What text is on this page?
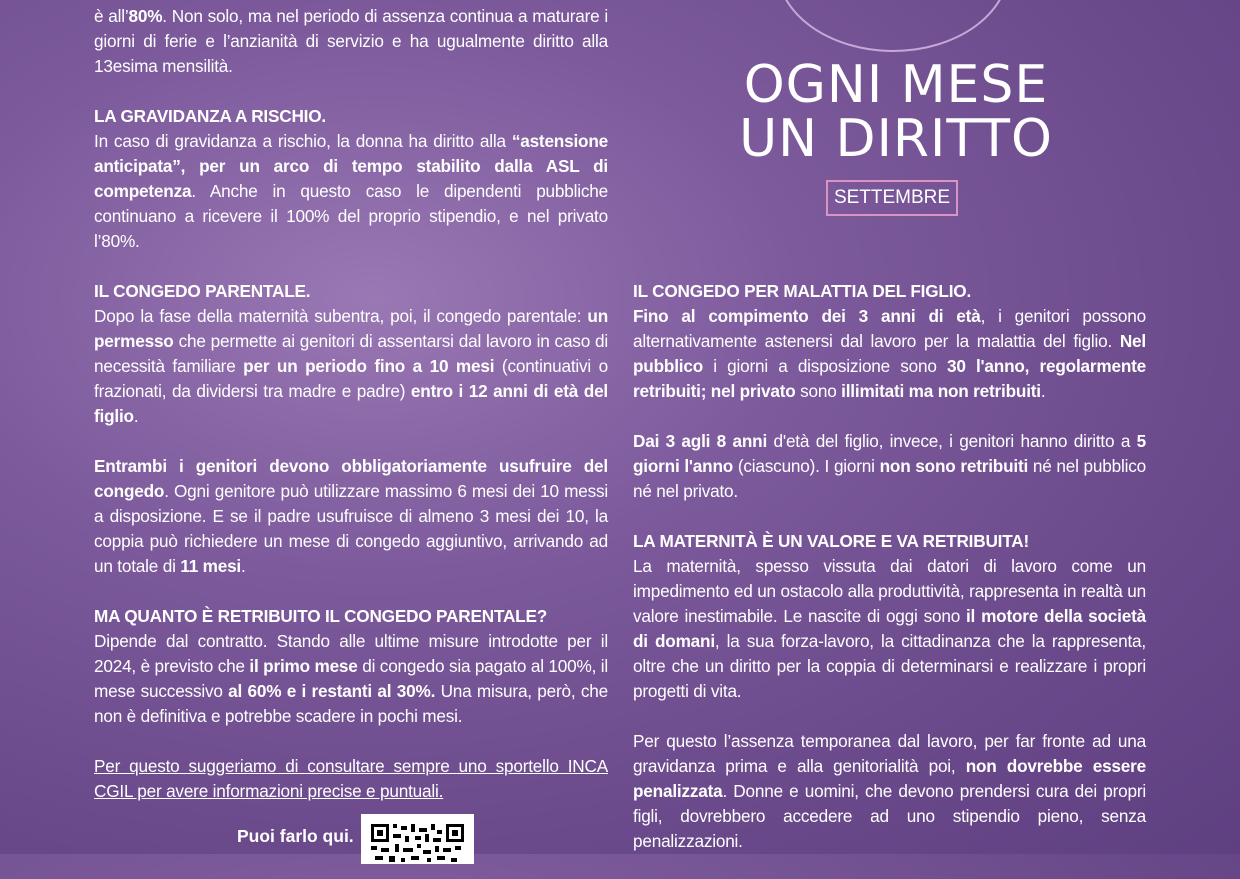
OGNI MESE
UN DIRITTO
SETTEMBRE

è all’80%. Non solo, ma nel periodo di assenza continua a maturare i giorni di ferie e l’anzianità di servizio e ha ugualmente diritto alla 13esima mensilità.

LA GRAVIDANZA A RISCHIO.

In caso di gravidanza a rischio, la donna ha diritto alla “astensione anticipata”, per un arco di tempo stabilito dalla ASL di competenza. Anche in questo caso le dipendenti pubbliche continuano a ricevere il 100% del proprio stipendio, e nel privato l’80%.

IL CONGEDO PARENTALE.

Dopo la fase della maternità subentra, poi, il congedo parentale: un permesso che permette ai genitori di assentarsi dal lavoro in caso di necessità familiare per un periodo fino a 10 mesi (continuativi o frazionati, da dividersi tra madre e padre) entro i 12 anni di età del figlio.

Entrambi i genitori devono obbligatoriamente usufruire del congedo. Ogni genitore può utilizzare massimo 6 mesi dei 10 messi a disposizione. E se il padre usufruisce di almeno 3 mesi dei 10, la coppia può richiedere un mese di congedo aggiuntivo, arrivando ad un totale di 11 mesi.

MA QUANTO È RETRIBUITO IL CONGEDO PARENTALE?

Dipende dal contratto. Stando alle ultime misure introdotte per il 2024, è previsto che il primo mese di congedo sia pagato al 100%, il mese successivo al 60% e i restanti al 30%. Una misura, però, che non è definitiva e potrebbe scadere in pochi mesi.

Per questo suggeriamo di consultare sempre uno sportello INCA CGIL per avere informazioni precise e puntuali.

Puoi farlo qui.
IL CONGEDO PER MALATTIA DEL FIGLIO.

Fino al compimento dei 3 anni di età, i genitori possono alternativamente astenersi dal lavoro per la malattia del figlio. Nel pubblico i giorni a disposizione sono 30 l'anno, regolarmente retribuiti; nel privato sono illimitati ma non retribuiti.

Dai 3 agli 8 anni d'età del figlio, invece, i genitori hanno diritto a 5 giorni l'anno (ciascuno). I giorni non sono retribuiti né nel pubblico né nel privato.

LA MATERNITÀ È UN VALORE E VA RETRIBUITA!

La maternità, spesso vissuta dai datori di lavoro come un impedimento ed un ostacolo alla produttività, rappresenta in realtà un valore inestimabile. Le nascite di oggi sono il motore della società di domani, la sua forza-lavoro, la cittadinanza che la rappresenta, oltre che un diritto per la coppia di determinarsi e realizzare i propri progetti di vita.

Per questo l’assenza temporanea dal lavoro, per far fronte ad una gravidanza prima e alla genitorialità poi, non dovrebbe essere penalizzata. Donne e uomini, che devono prendersi cura dei propri figli, dovrebbero accedere ad uno stipendio pieno, senza penalizzazioni.
